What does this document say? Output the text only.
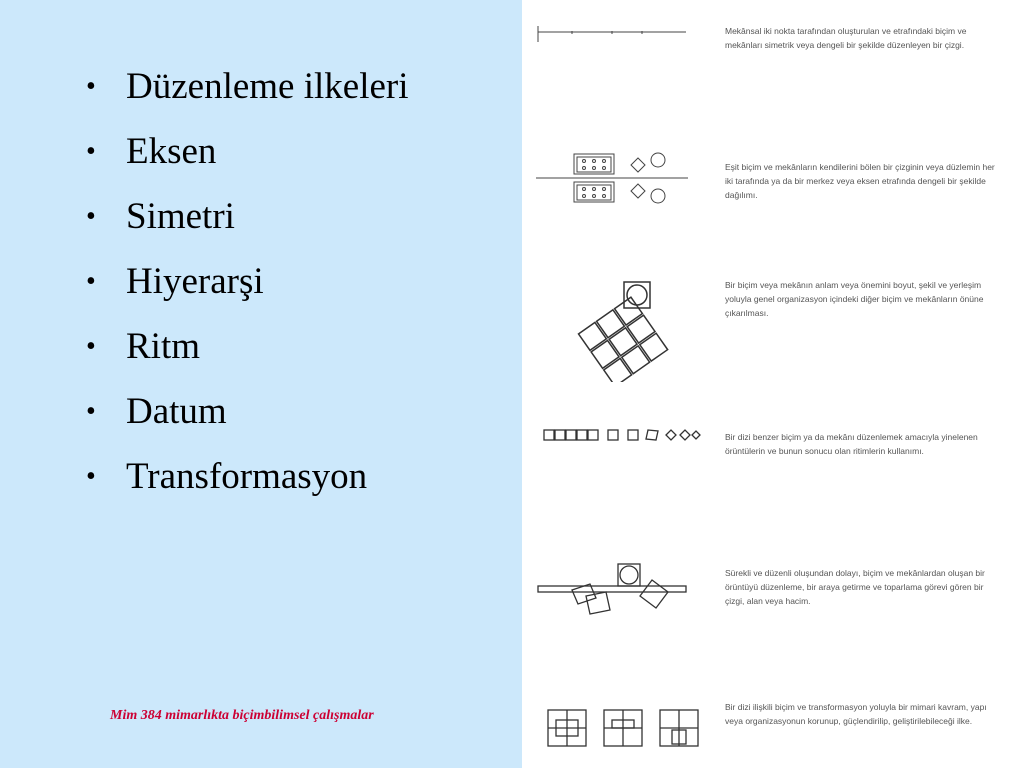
• Düzenleme ilkeleri
• Eksen
• Simetri
• Hiyerarşi
• Ritm
• Datum
• Transformasyon
Mim 384 mimarlıkta biçimbilimsel çalışmalar
Mekânsal iki nokta tarafından oluşturulan ve etrafındaki biçim ve mekânları simetrik veya dengeli bir şekilde düzenleyen bir çizgi.
Eşit biçim ve mekânların kendilerini bölen bir çizginin veya düzlemin her iki tarafında ya da bir merkez veya eksen etrafında dengeli bir şekilde dağılımı.
Bir biçim veya mekânın anlam veya önemini boyut, şekil ve yerleşim yoluyla genel organizasyon içindeki diğer biçim ve mekânların önüne çıkarılması.
Bir dizi benzer biçim ya da mekânı düzenlemek amacıyla yinelenen örüntülerin ve bunun sonucu olan ritimlerin kullanımı.
Sürekli ve düzenli oluşundan dolayı, biçim ve mekânlardan oluşan bir örüntüyü düzenleme, bir araya getirme ve toparlama görevi gören bir çizgi, alan veya hacim.
Bir dizi ilişkili biçim ve transformasyon yoluyla bir mimari kavram, yapı veya organizasyonun korunup, güçlendirilip, geliştirilebileceği ilke.
